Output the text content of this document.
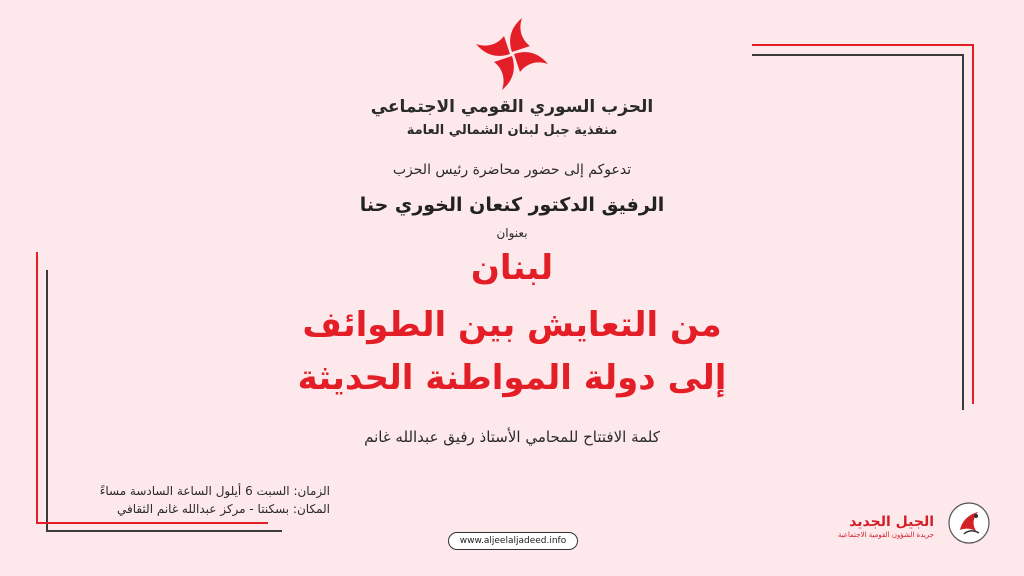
الحزب السوري القومي الاجتماعي
منفذية جبل لبنان الشمالي العامة
تدعوكم إلى حضور محاضرة رئيس الحزب
الرفيق الدكتور كنعان الخوري حنا
بعنوان
لبنان
من التعايش بين الطوائف
إلى دولة المواطنة الحديثة
كلمة الافتتاح للمحامي الأستاذ رفيق عبدالله غانم
الزمان: السبت 6 أيلول الساعة السادسة مساءً
المكان: بسكنتا - مركز عبدالله غانم الثقافي
www.aljeelaljadeed.info
الجيل الجديد
جريدة الشؤون القومية الاجتماعية
